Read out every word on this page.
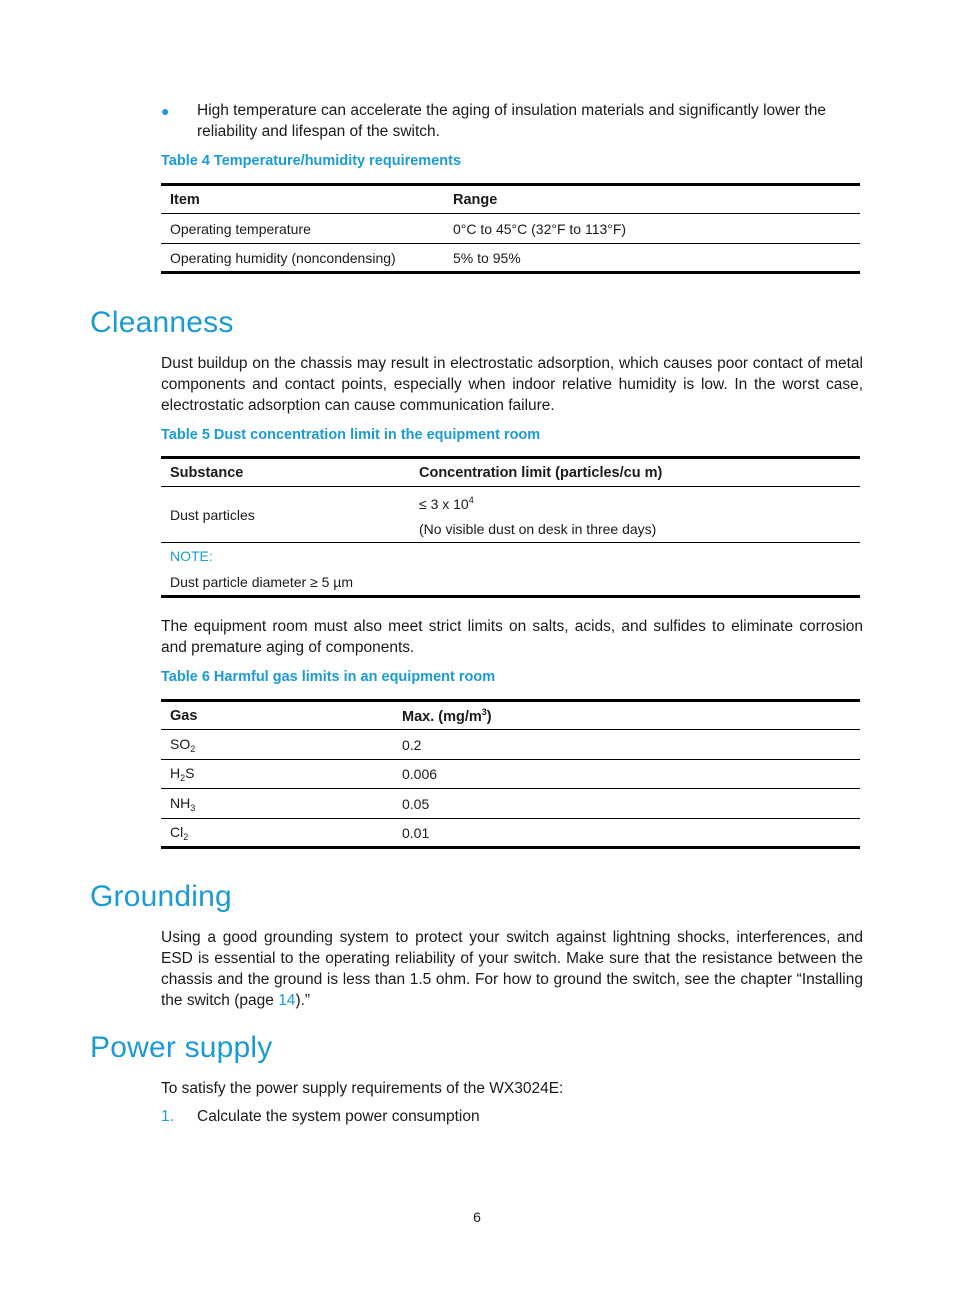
● High temperature can accelerate the aging of insulation materials and significantly lower the reliability and lifespan of the switch.
Table 4 Temperature/humidity requirements
Item	Range
Operating temperature	0°C to 45°C (32°F to 113°F)
Operating humidity (noncondensing)	5% to 95%
Cleanness
Dust buildup on the chassis may result in electrostatic adsorption, which causes poor contact of metal components and contact points, especially when indoor relative humidity is low. In the worst case, electrostatic adsorption can cause communication failure.
Table 5 Dust concentration limit in the equipment room
Substance	Concentration limit (particles/cu m)
Dust particles	≤ 3 x $10^4$
(No visible dust on desk in three days)

NOTE:
Dust particle diameter ≥ 5 µm	
The equipment room must also meet strict limits on salts, acids, and sulfides to eliminate corrosion and premature aging of components.
Table 6 Harmful gas limits in an equipment room
Gas	Max. $(mg/m^3)$
$SO_2$	0.2
$H_2S$	0.006
$NH_3$	0.05
$Cl_2$	0.01
Grounding
Using a good grounding system to protect your switch against lightning shocks, interferences, and ESD is essential to the operating reliability of your switch. Make sure that the resistance between the chassis and the ground is less than 1.5 ohm. For how to ground the switch, see the chapter “Installing the switch (page 14).”
Power supply
To satisfy the power supply requirements of the WX3024E:
1. Calculate the system power consumption
6
